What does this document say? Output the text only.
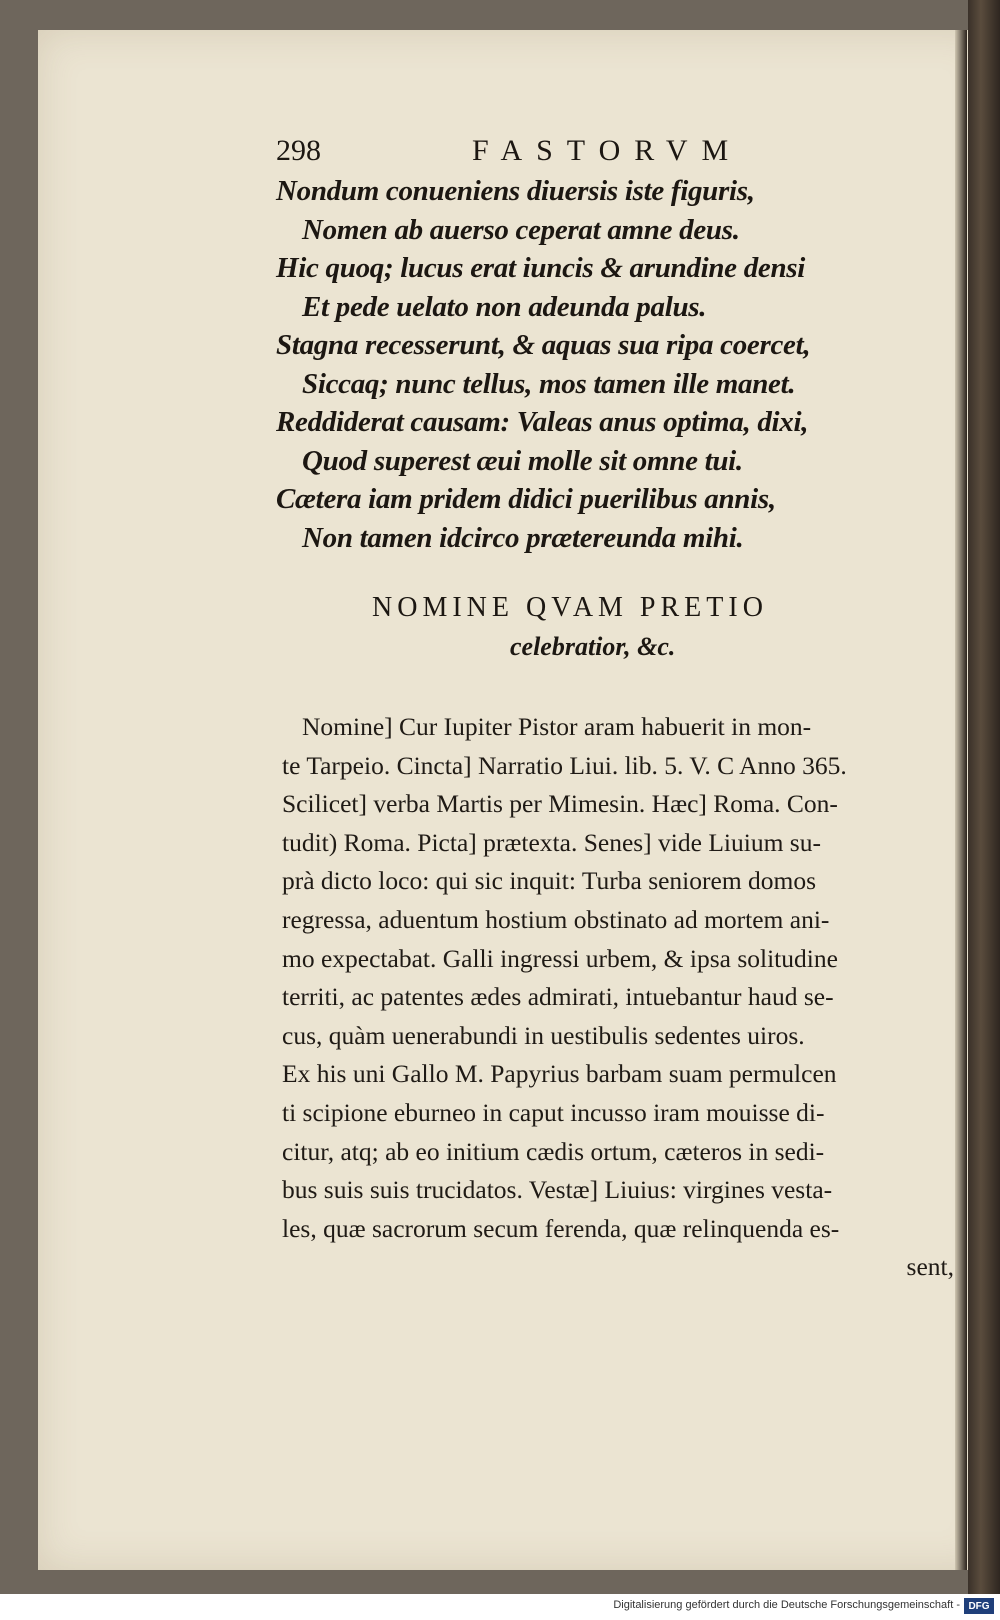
298	FASTORVM
Nondum conueniens diuersis iste figuris,
Nomen ab auerso ceperat amne deus.
Hic quoq; lucus erat iuncis & arundine densi
Et pede uelato non adeunda palus.
Stagna recesserunt, & aquas sua ripa coercet,
Siccaq; nunc tellus, mos tamen ille manet.
Reddiderat causam: Valeas anus optima, dixi,
Quod superest æui molle sit omne tui.
Cætera iam pridem didici puerilibus annis,
Non tamen idcirco prætereunda mihi.
NOMINE QVAM PRETIO
celebratior, &c.
Nomine] Cur Iupiter Pistor aram habuerit in mon-
te Tarpeio. Cincta] Narratio Liui. lib. 5. V. C Anno 365.
Scilicet] verba Martis per Mimesin. Hæc] Roma. Con-
tudit) Roma. Picta] prætexta. Senes] vide Liuium su-
prà dicto loco: qui sic inquit: Turba seniorem domos
regressa, aduentum hostium obstinato ad mortem ani-
mo expectabat. Galli ingressi urbem, & ipsa solitudine
territi, ac patentes ædes admirati, intuebantur haud se-
cus, quàm uenerabundi in uestibulis sedentes uiros.
Ex his uni Gallo M. Papyrius barbam suam permulcen
ti scipione eburneo in caput incusso iram mouisse di-
citur, atq; ab eo initium cædis ortum, cæteros in sedi-
bus suis suis trucidatos. Vestæ] Liuius: virgines vesta-
les, quæ sacrorum secum ferenda, quæ relinquenda es-
sent,
Digitalisierung gefördert durch die Deutsche Forschungsgemeinschaft - DFG
